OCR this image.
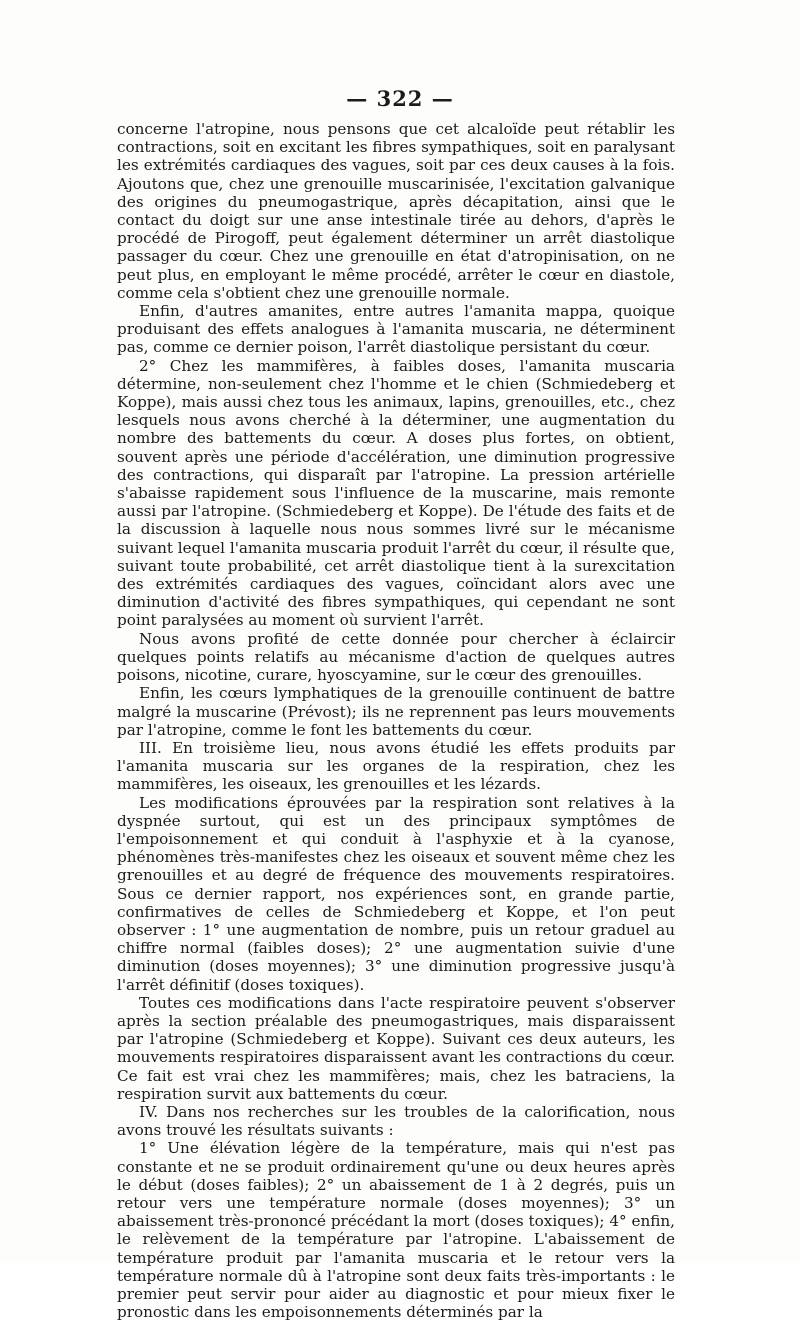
— 322 —

concerne l'atropine, nous pensons que cet alcaloïde peut rétablir les contractions, soit en excitant les fibres sympathiques, soit en paralysant les extrémités cardiaques des vagues, soit par ces deux causes à la fois. Ajoutons que, chez une grenouille muscarinisée, l'excitation galvanique des origines du pneumogastrique, après décapitation, ainsi que le contact du doigt sur une anse intestinale tirée au dehors, d'après le procédé de Pirogoff, peut également déterminer un arrêt diastolique passager du cœur. Chez une grenouille en état d'atropinisation, on ne peut plus, en employant le même procédé, arrêter le cœur en diastole, comme cela s'obtient chez une grenouille normale.

Enfin, d'autres amanites, entre autres l'amanita mappa, quoique produisant des effets analogues à l'amanita muscaria, ne déterminent pas, comme ce dernier poison, l'arrêt diastolique persistant du cœur.

2° Chez les mammifères, à faibles doses, l'amanita muscaria détermine, non-seulement chez l'homme et le chien (Schmiedeberg et Koppe), mais aussi chez tous les animaux, lapins, grenouilles, etc., chez lesquels nous avons cherché à la déterminer, une augmentation du nombre des battements du cœur. A doses plus fortes, on obtient, souvent après une période d'accélération, une diminution progressive des contractions, qui disparaît par l'atropine. La pression artérielle s'abaisse rapidement sous l'influence de la muscarine, mais remonte aussi par l'atropine. (Schmiedeberg et Koppe). De l'étude des faits et de la discussion à laquelle nous nous sommes livré sur le mécanisme suivant lequel l'amanita muscaria produit l'arrêt du cœur, il résulte que, suivant toute probabilité, cet arrêt diastolique tient à la surexcitation des extrémités cardiaques des vagues, coïncidant alors avec une diminution d'activité des fibres sympathiques, qui cependant ne sont point paralysées au moment où survient l'arrêt.

Nous avons profité de cette donnée pour chercher à éclaircir quelques points relatifs au mécanisme d'action de quelques autres poisons, nicotine, curare, hyoscyamine, sur le cœur des grenouilles.

Enfin, les cœurs lymphatiques de la grenouille continuent de battre malgré la muscarine (Prévost); ils ne reprennent pas leurs mouvements par l'atropine, comme le font les battements du cœur.

III. En troisième lieu, nous avons étudié les effets produits par l'amanita muscaria sur les organes de la respiration, chez les mammifères, les oiseaux, les grenouilles et les lézards.

Les modifications éprouvées par la respiration sont relatives à la dyspnée surtout, qui est un des principaux symptômes de l'empoisonnement et qui conduit à l'asphyxie et à la cyanose, phénomènes très-manifestes chez les oiseaux et souvent même chez les grenouilles et au degré de fréquence des mouvements respiratoires. Sous ce dernier rapport, nos expériences sont, en grande partie, confirmatives de celles de Schmiedeberg et Koppe, et l'on peut observer : 1° une augmentation de nombre, puis un retour graduel au chiffre normal (faibles doses); 2° une augmentation suivie d'une diminution (doses moyennes); 3° une diminution progressive jusqu'à l'arrêt définitif (doses toxiques).

Toutes ces modifications dans l'acte respiratoire peuvent s'observer après la section préalable des pneumogastriques, mais disparaissent par l'atropine (Schmiedeberg et Koppe). Suivant ces deux auteurs, les mouvements respiratoires disparaissent avant les contractions du cœur. Ce fait est vrai chez les mammifères; mais, chez les batraciens, la respiration survit aux battements du cœur.

IV. Dans nos recherches sur les troubles de la calorification, nous avons trouvé les résultats suivants :

1° Une élévation légère de la température, mais qui n'est pas constante et ne se produit ordinairement qu'une ou deux heures après le début (doses faibles); 2° un abaissement de 1 à 2 degrés, puis un retour vers une température normale (doses moyennes); 3° un abaissement très-prononcé précédant la mort (doses toxiques); 4° enfin, le relèvement de la température par l'atropine. L'abaissement de température produit par l'amanita muscaria et le retour vers la température normale dû à l'atropine sont deux faits très-importants : le premier peut servir pour aider au diagnostic et pour mieux fixer le pronostic dans les empoisonnements déterminés par la
